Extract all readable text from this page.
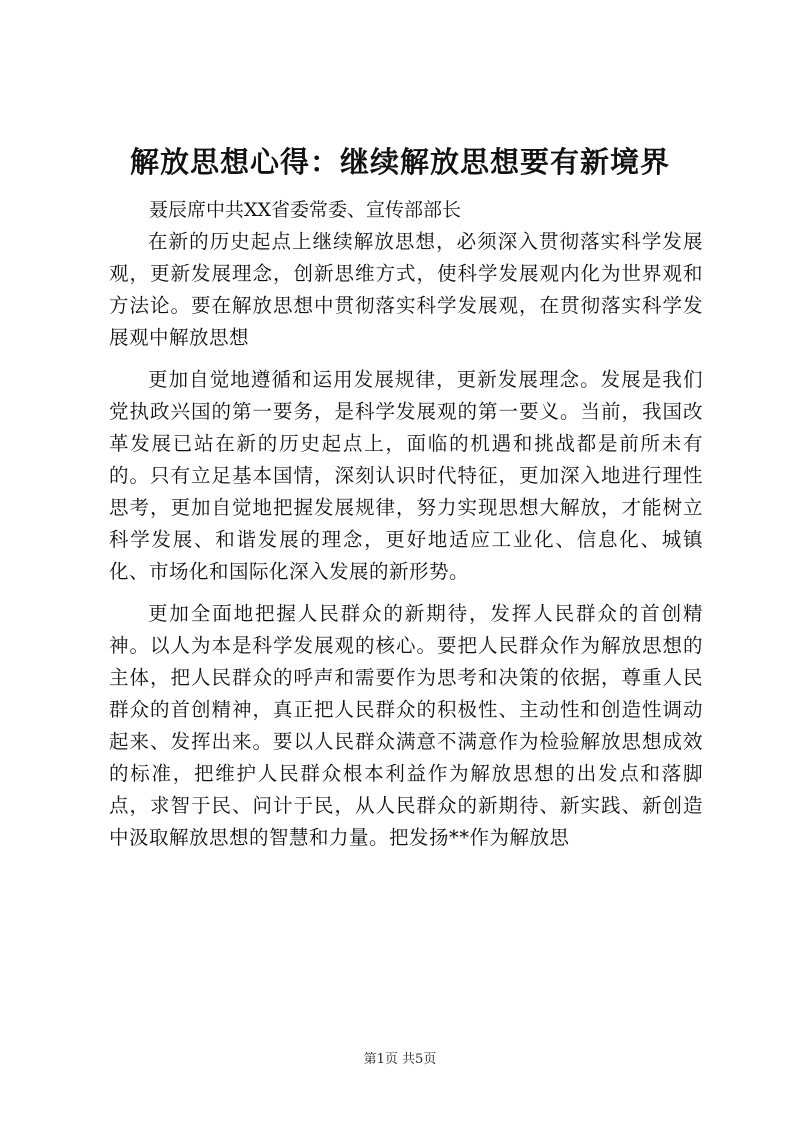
解放思想心得：继续解放思想要有新境界
聂辰席中共XX省委常委、宣传部部长

在新的历史起点上继续解放思想，必须深入贯彻落实科学发展观，更新发展理念，创新思维方式，使科学发展观内化为世界观和方法论。要在解放思想中贯彻落实科学发展观，在贯彻落实科学发展观中解放思想

更加自觉地遵循和运用发展规律，更新发展理念。发展是我们党执政兴国的第一要务，是科学发展观的第一要义。当前，我国改革发展已站在新的历史起点上，面临的机遇和挑战都是前所未有的。只有立足基本国情，深刻认识时代特征，更加深入地进行理性思考，更加自觉地把握发展规律，努力实现思想大解放，才能树立科学发展、和谐发展的理念，更好地适应工业化、信息化、城镇化、市场化和国际化深入发展的新形势。

更加全面地把握人民群众的新期待，发挥人民群众的首创精神。以人为本是科学发展观的核心。要把人民群众作为解放思想的主体，把人民群众的呼声和需要作为思考和决策的依据，尊重人民群众的首创精神，真正把人民群众的积极性、主动性和创造性调动起来、发挥出来。要以人民群众满意不满意作为检验解放思想成效的标准，把维护人民群众根本利益作为解放思想的出发点和落脚点，求智于民、问计于民，从人民群众的新期待、新实践、新创造中汲取解放思想的智慧和力量。把发扬**作为解放思

第1页 共5页
